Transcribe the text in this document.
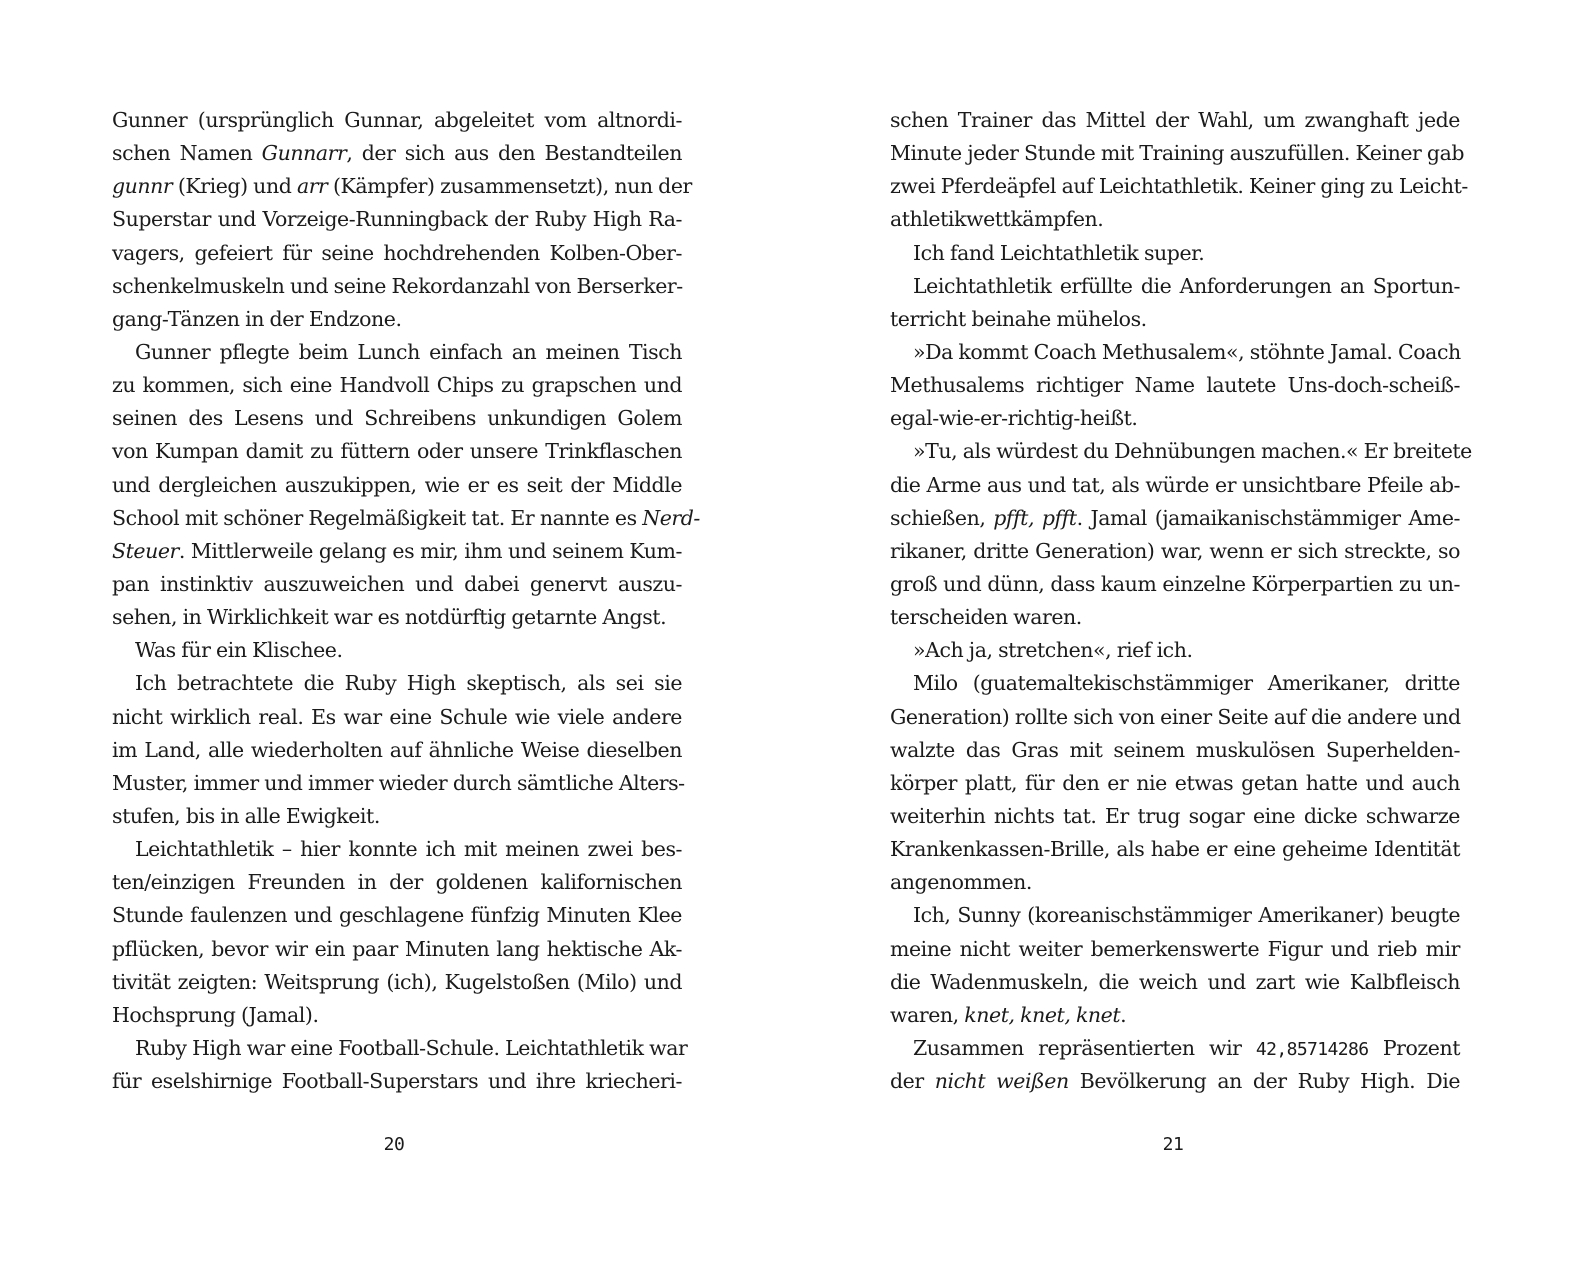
Gunner (ursprünglich Gunnar, abgeleitet vom altnordi-
schen Namen Gunnarr, der sich aus den Bestandteilen
gunnr (Krieg) und arr (Kämpfer) zusammensetzt), nun der
Superstar und Vorzeige-Runningback der Ruby High Ra-
vagers, gefeiert für seine hochdrehenden Kolben-Ober-
schenkelmuskeln und seine Rekordanzahl von Berserker-
gang-Tänzen in der Endzone.
Gunner pflegte beim Lunch einfach an meinen Tisch
zu kommen, sich eine Handvoll Chips zu grapschen und
seinen des Lesens und Schreibens unkundigen Golem
von Kumpan damit zu füttern oder unsere Trinkflaschen
und dergleichen auszukippen, wie er es seit der Middle
School mit schöner Regelmäßigkeit tat. Er nannte es Nerd-
Steuer. Mittlerweile gelang es mir, ihm und seinem Kum-
pan instinktiv auszuweichen und dabei genervt auszu-
sehen, in Wirklichkeit war es notdürftig getarnte Angst.
Was für ein Klischee.
Ich betrachtete die Ruby High skeptisch, als sei sie
nicht wirklich real. Es war eine Schule wie viele andere
im Land, alle wiederholten auf ähnliche Weise dieselben
Muster, immer und immer wieder durch sämtliche Alters-
stufen, bis in alle Ewigkeit.
Leichtathletik – hier konnte ich mit meinen zwei bes-
ten/einzigen Freunden in der goldenen kalifornischen
Stunde faulenzen und geschlagene fünfzig Minuten Klee
pflücken, bevor wir ein paar Minuten lang hektische Ak-
tivität zeigten: Weitsprung (ich), Kugelstoßen (Milo) und
Hochsprung (Jamal).
Ruby High war eine Football-Schule. Leichtathletik war
für eselshirnige Football-Superstars und ihre kriecheri-
20
schen Trainer das Mittel der Wahl, um zwanghaft jede
Minute jeder Stunde mit Training auszufüllen. Keiner gab
zwei Pferdeäpfel auf Leichtathletik. Keiner ging zu Leicht-
athletikwettkämpfen.
Ich fand Leichtathletik super.
Leichtathletik erfüllte die Anforderungen an Sportun-
terricht beinahe mühelos.
»Da kommt Coach Methusalem«, stöhnte Jamal. Coach
Methusalems richtiger Name lautete Uns-doch-scheiß-
egal-wie-er-richtig-heißt.
»Tu, als würdest du Dehnübungen machen.« Er breitete
die Arme aus und tat, als würde er unsichtbare Pfeile ab-
schießen, pfft, pfft. Jamal (jamaikanischstämmiger Ame-
rikaner, dritte Generation) war, wenn er sich streckte, so
groß und dünn, dass kaum einzelne Körperpartien zu un-
terscheiden waren.
»Ach ja, stretchen«, rief ich.
Milo (guatemaltekischstämmiger Amerikaner, dritte
Generation) rollte sich von einer Seite auf die andere und
walzte das Gras mit seinem muskulösen Superhelden-
körper platt, für den er nie etwas getan hatte und auch
weiterhin nichts tat. Er trug sogar eine dicke schwarze
Krankenkassen-Brille, als habe er eine geheime Identität
angenommen.
Ich, Sunny (koreanischstämmiger Amerikaner) beugte
meine nicht weiter bemerkenswerte Figur und rieb mir
die Wadenmuskeln, die weich und zart wie Kalbfleisch
waren, knet, knet, knet.
Zusammen repräsentierten wir 42,85714286 Prozent
der nicht weißen Bevölkerung an der Ruby High. Die
21
